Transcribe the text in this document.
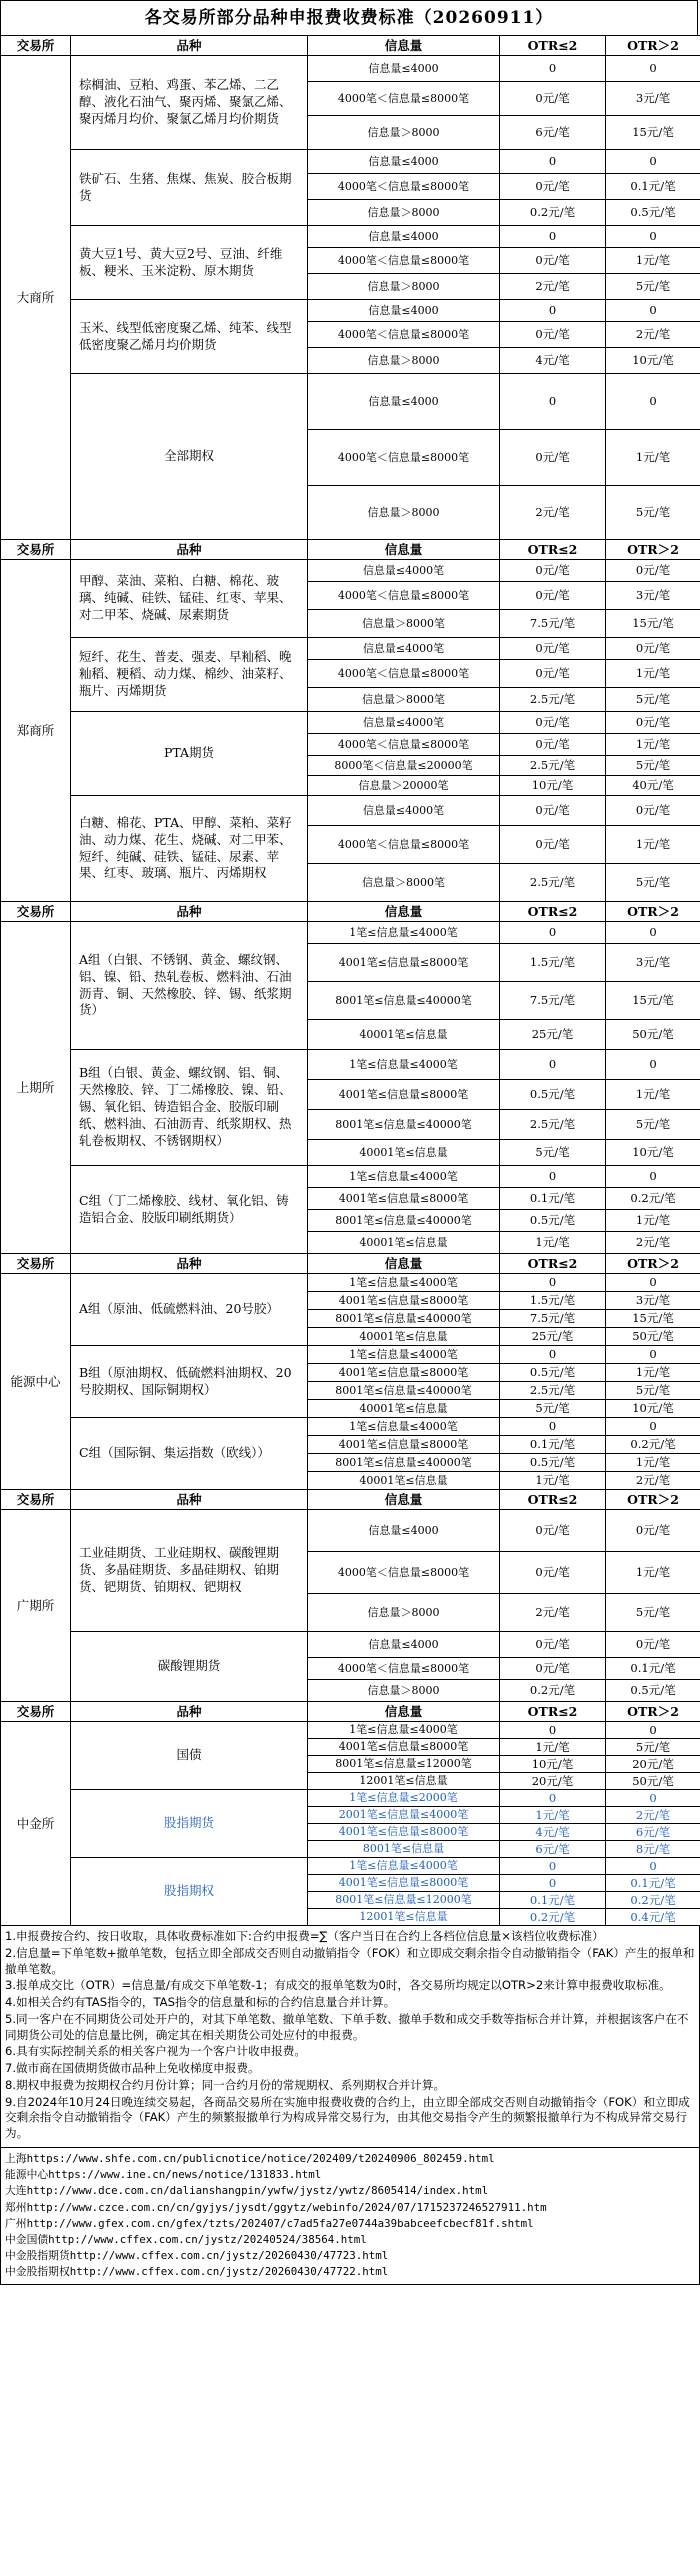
各交易所部分品种申报费收费标准（20260911）
交易所	品种	信息量	OTR≤2	OTR＞2
大商所	棕榈油、豆粕、鸡蛋、苯乙烯、二乙醇、液化石油气、聚丙烯、聚氯乙烯、聚丙烯月均价、聚氯乙烯月均价期货	信息量≤4000	0	0
		4000笔＜信息量≤8000笔	0元/笔	3元/笔
		信息量＞8000	6元/笔	15元/笔
	铁矿石、生猪、焦煤、焦炭、胶合板期货	信息量≤4000	0	0
		4000笔＜信息量≤8000笔	0元/笔	0.1元/笔
		信息量＞8000	0.2元/笔	0.5元/笔
	黄大豆1号、黄大豆2号、豆油、纤维板、粳米、玉米淀粉、原木期货	信息量≤4000	0	0
		4000笔＜信息量≤8000笔	0元/笔	1元/笔
		信息量＞8000	2元/笔	5元/笔
	玉米、线型低密度聚乙烯、纯苯、线型低密度聚乙烯月均价期货	信息量≤4000	0	0
		4000笔＜信息量≤8000笔	0元/笔	2元/笔
		信息量＞8000	4元/笔	10元/笔
	全部期权	信息量≤4000	0	0
		4000笔＜信息量≤8000笔	0元/笔	1元/笔
		信息量＞8000	2元/笔	5元/笔
交易所	品种	信息量	OTR≤2	OTR＞2
郑商所	甲醇、菜油、菜粕、白糖、棉花、玻璃、纯碱、硅铁、锰硅、红枣、苹果、对二甲苯、烧碱、尿素期货	信息量≤4000笔	0元/笔	0元/笔
		4000笔＜信息量≤8000笔	0元/笔	3元/笔
		信息量＞8000笔	7.5元/笔	15元/笔
	短纤、花生、普麦、强麦、早籼稻、晚籼稻、粳稻、动力煤、棉纱、油菜籽、瓶片、丙烯期货	信息量≤4000笔	0元/笔	0元/笔
		4000笔＜信息量≤8000笔	0元/笔	1元/笔
		信息量＞8000笔	2.5元/笔	5元/笔
	PTA期货	信息量≤4000笔	0元/笔	0元/笔
		4000笔＜信息量≤8000笔	0元/笔	1元/笔
		8000笔＜信息量≤20000笔	2.5元/笔	5元/笔
		信息量＞20000笔	10元/笔	40元/笔
	白糖、棉花、PTA、甲醇、菜粕、菜籽油、动力煤、花生、烧碱、对二甲苯、短纤、纯碱、硅铁、锰硅、尿素、苹果、红枣、玻璃、瓶片、丙烯期权	信息量≤4000笔	0元/笔	0元/笔
		4000笔＜信息量≤8000笔	0元/笔	1元/笔
		信息量＞8000笔	2.5元/笔	5元/笔
交易所	品种	信息量	OTR≤2	OTR＞2
上期所	A组（白银、不锈钢、黄金、螺纹钢、铝、镍、铅、热轧卷板、燃料油、石油沥青、铜、天然橡胶、锌、锡、纸浆期货）	1笔≤信息量≤4000笔	0	0
		4001笔≤信息量≤8000笔	1.5元/笔	3元/笔
		8001笔≤信息量≤40000笔	7.5元/笔	15元/笔
		40001笔≤信息量	25元/笔	50元/笔
	B组（白银、黄金、螺纹钢、铝、铜、天然橡胶、锌、丁二烯橡胶、镍、铅、锡、氧化铝、铸造铝合金、胶版印刷纸、燃料油、石油沥青、纸浆期权、热轧卷板期权、不锈钢期权）	1笔≤信息量≤4000笔	0	0
		4001笔≤信息量≤8000笔	0.5元/笔	1元/笔
		8001笔≤信息量≤40000笔	2.5元/笔	5元/笔
		40001笔≤信息量	5元/笔	10元/笔
	C组（丁二烯橡胶、线材、氧化铝、铸造铝合金、胶版印刷纸期货）	1笔≤信息量≤4000笔	0	0
		4001笔≤信息量≤8000笔	0.1元/笔	0.2元/笔
		8001笔≤信息量≤40000笔	0.5元/笔	1元/笔
		40001笔≤信息量	1元/笔	2元/笔
交易所	品种	信息量	OTR≤2	OTR＞2
能源中心	A组（原油、低硫燃料油、20号胶）	1笔≤信息量≤4000笔	0	0
		4001笔≤信息量≤8000笔	1.5元/笔	3元/笔
		8001笔≤信息量≤40000笔	7.5元/笔	15元/笔
		40001笔≤信息量	25元/笔	50元/笔
	B组（原油期权、低硫燃料油期权、20号胶期权、国际铜期权）	1笔≤信息量≤4000笔	0	0
		4001笔≤信息量≤8000笔	0.5元/笔	1元/笔
		8001笔≤信息量≤40000笔	2.5元/笔	5元/笔
		40001笔≤信息量	5元/笔	10元/笔
	C组（国际铜、集运指数（欧线））	1笔≤信息量≤4000笔	0	0
		4001笔≤信息量≤8000笔	0.1元/笔	0.2元/笔
		8001笔≤信息量≤40000笔	0.5元/笔	1元/笔
		40001笔≤信息量	1元/笔	2元/笔
交易所	品种	信息量	OTR≤2	OTR＞2
广期所	工业硅期货、工业硅期权、碳酸锂期货、多晶硅期货、多晶硅期权、铂期货、钯期货、铂期权、钯期权	信息量≤4000	0元/笔	0元/笔
		4000笔＜信息量≤8000笔	0元/笔	1元/笔
		信息量＞8000	2元/笔	5元/笔
	碳酸锂期货	信息量≤4000	0元/笔	0元/笔
		4000笔＜信息量≤8000笔	0元/笔	0.1元/笔
		信息量＞8000	0.2元/笔	0.5元/笔
交易所	品种	信息量	OTR≤2	OTR＞2
中金所	国债	1笔≤信息量≤4000笔	0	0
		4001笔≤信息量≤8000笔	1元/笔	5元/笔
		8001笔≤信息量≤12000笔	10元/笔	20元/笔
		12001笔≤信息量	20元/笔	50元/笔
	股指期货	1笔≤信息量≤2000笔	0	0
		2001笔≤信息量≤4000笔	1元/笔	2元/笔
		4001笔≤信息量≤8000笔	4元/笔	6元/笔
		8001笔≤信息量	6元/笔	8元/笔
	股指期权	1笔≤信息量≤4000笔	0	0
		4001笔≤信息量≤8000笔	0	0.1元/笔
		8001笔≤信息量≤12000笔	0.1元/笔	0.2元/笔
		12001笔≤信息量	0.2元/笔	0.4元/笔
1.申报费按合约、按日收取，具体收费标准如下:合约申报费=∑（客户当日在合约上各档位信息量×该档位收费标准）
2.信息量=下单笔数+撤单笔数，包括立即全部成交否则自动撤销指令（FOK）和立即成交剩余指令自动撤销指令（FAK）产生的报单和撤单笔数。
3.报单成交比（OTR）=信息量/有成交下单笔数-1；有成交的报单笔数为0时，各交易所均规定以OTR>2来计算申报费收取标准。
4.如相关合约有TAS指令的，TAS指令的信息量和标的合约信息量合并计算。
5.同一客户在不同期货公司处开户的，对其下单笔数、撤单笔数、下单手数、撤单手数和成交手数等指标合并计算，并根据该客户在不同期货公司处的信息量比例，确定其在相关期货公司处应付的申报费。
6.具有实际控制关系的相关客户视为一个客户计收申报费。
7.做市商在国债期货做市品种上免收梯度申报费。
8.期权申报费为按期权合约月份计算；同一合约月份的常规期权、系列期权合并计算。
9.自2024年10月24日晚连续交易起，各商品交易所在实施申报费收费的合约上，由立即全部成交否则自动撤销指令（FOK）和立即成交剩余指令自动撤销指令（FAK）产生的频繁报撤单行为构成异常交易行为，由其他交易指令产生的频繁报撤单行为不构成异常交易行为。
上海https://www.shfe.com.cn/publicnotice/notice/202409/t20240906_802459.html
能源中心https://www.ine.cn/news/notice/131833.html
大连http://www.dce.com.cn/dalianshangpin/ywfw/jystz/ywtz/8605414/index.html
郑州http://www.czce.com.cn/cn/gyjys/jysdt/ggytz/webinfo/2024/07/1715237246527911.htm
广州http://www.gfex.com.cn/gfex/tzts/202407/c7ad5fa27e0744a39babceefcbecf81f.shtml
中金国债http://www.cffex.com.cn/jystz/20240524/38564.html
中金股指期货http://www.cffex.com.cn/jystz/20260430/47723.html
中金股指期权http://www.cffex.com.cn/jystz/20260430/47722.html
